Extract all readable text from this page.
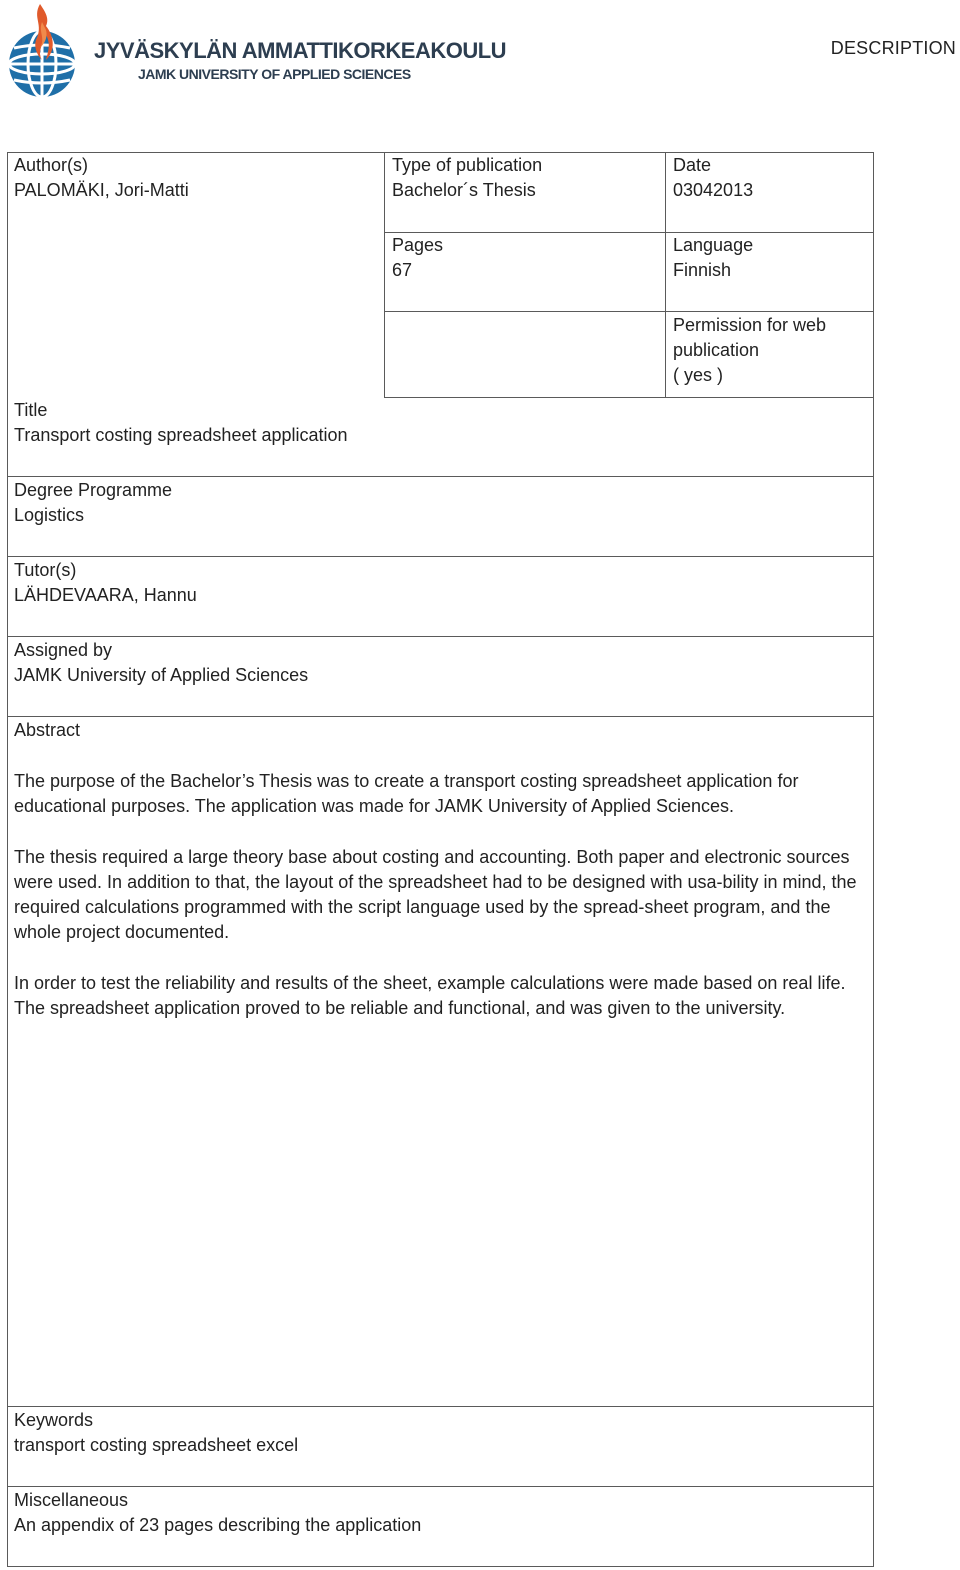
JYVÄSKYLÄN AMMATTIKORKEAKOULU
JAMK UNIVERSITY OF APPLIED SCIENCES
DESCRIPTION
Author(s)
PALOMÄKI, Jori-Matti
Type of publication
Bachelor´s Thesis
Date
03042013
Pages
67
Language
Finnish
Permission for web
publication
( yes )
Title
Transport costing spreadsheet application
Degree Programme
Logistics
Tutor(s)
LÄHDEVAARA, Hannu
Assigned by
JAMK University of Applied Sciences
Abstract

The purpose of the Bachelor’s Thesis was to create a transport costing spreadsheet application for educational purposes. The application was made for JAMK University of Applied Sciences.

The thesis required a large theory base about costing and accounting. Both paper and electronic sources were used. In addition to that, the layout of the spreadsheet had to be designed with usa-bility in mind, the required calculations programmed with the script language used by the spread-sheet program, and the whole project documented.

In order to test the reliability and results of the sheet, example calculations were made based on real life. The spreadsheet application proved to be reliable and functional, and was given to the university.

Keywords
transport costing spreadsheet excel
Miscellaneous
An appendix of 23 pages describing the application
